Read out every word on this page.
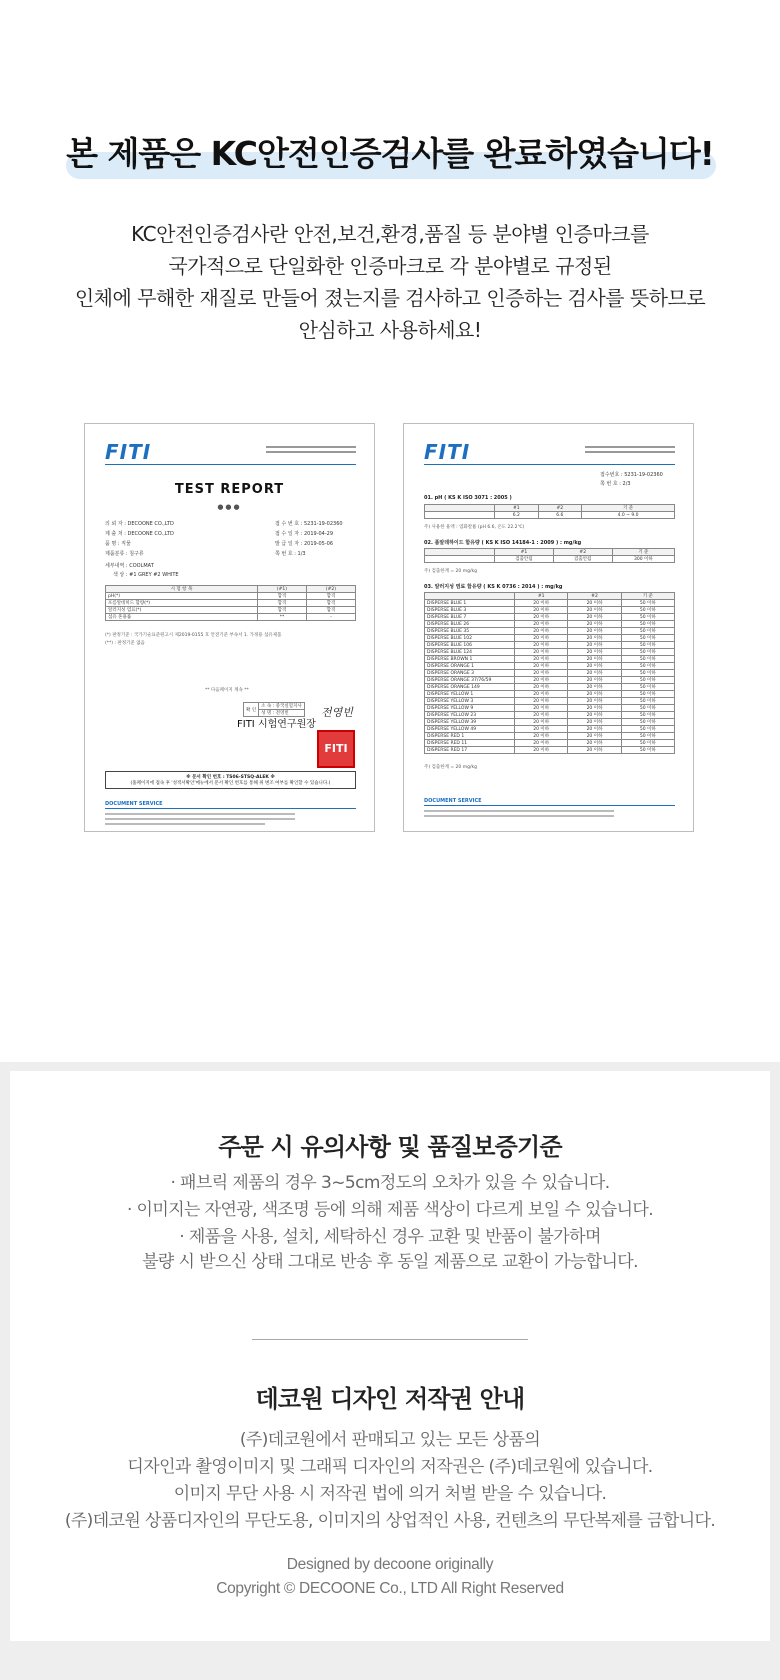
본 제품은 KC안전인증검사를 완료하였습니다!
KC안전인증검사란 안전,보건,환경,품질 등 분야별 인증마크를
국가적으로 단일화한 인증마크로 각 분야별로 규정된
인체에 무해한 재질로 만들어 졌는지를 검사하고 인증하는 검사를 뜻하므로
안심하고 사용하세요!
FITI
TEST REPORT
●●●
의 뢰 자 : DECOONE CO.,LTD
제 출 처 : DECOONE CO.,LTD
품 명 : 직물
제품분류 : 침구류
세부내역 : COOLMAT
색 상 : #1 GREY #2 WHITE
접 수 번 호 : 5231-19-02360
접 수 일 자 : 2019-04-29
발 급 일 자 : 2019-05-06
쪽 번 호 : 1/3
시 험 항 목	(#1)	(#2)
pH(*)	합격	합격
포름알데히드 함량(*)	합격	합격
알러지성 염료(*)	합격	합격
섬유 혼용률	**	-
(*) 판정기준 : 국가기술표준원고시 제2019-0155 호 안전기준 부속서 1. 가정용 섬유제품
(**) : 판정기준 없음
** 다음페이지 계속 **
확 인	소 속 : 중국실험지사
성 명 : 전영빈	전영빈
FITI 시험연구원장
FITI
※ 문서 확인 번호 : TS06-STSQ-ALEK ※
(홈페이지에 접속 후 '성적서확인'메뉴에서 문서 확인 번호를 통해 위 변조 여부를 확인할 수 있습니다.)
DOCUMENT SERVICE
FITI
접수번호 : 5231-19-02360
쪽 번 호 : 2/3
01. pH ( KS K ISO 3071 : 2005 )
	#1	#2	기 준
	6.2	6.6	4.0 ~ 9.0
주) 사용한 용액 : 염화칼륨 (pH 6.6, 온도 22.2℃)
02. 폼알데하이드 함유량 ( KS K ISO 14184-1 : 2009 ) : mg/kg
	#1	#2	기 준
	검출안됨	검출안됨	300 이하
주) 검출한계 = 20 mg/kg
03. 알러지성 염료 함유량 ( KS K 0736 : 2014 ) : mg/kg
	#1	#2	기 준
DISPERSE BLUE 1	20 이하	20 이하	50 이하
DISPERSE BLUE 3	20 이하	20 이하	50 이하
DISPERSE BLUE 7	20 이하	20 이하	50 이하
DISPERSE BLUE 26	20 이하	20 이하	50 이하
DISPERSE BLUE 35	20 이하	20 이하	50 이하
DISPERSE BLUE 102	20 이하	20 이하	50 이하
DISPERSE BLUE 106	20 이하	20 이하	50 이하
DISPERSE BLUE 124	20 이하	20 이하	50 이하
DISPERSE BROWN 1	20 이하	20 이하	50 이하
DISPERSE ORANGE 1	20 이하	20 이하	50 이하
DISPERSE ORANGE 3	20 이하	20 이하	50 이하
DISPERSE ORANGE 37/76/59	20 이하	20 이하	50 이하
DISPERSE ORANGE 149	20 이하	20 이하	50 이하
DISPERSE YELLOW 1	20 이하	20 이하	50 이하
DISPERSE YELLOW 3	20 이하	20 이하	50 이하
DISPERSE YELLOW 9	20 이하	20 이하	50 이하
DISPERSE YELLOW 23	20 이하	20 이하	50 이하
DISPERSE YELLOW 39	20 이하	20 이하	50 이하
DISPERSE YELLOW 49	20 이하	20 이하	50 이하
DISPERSE RED 1	20 이하	20 이하	50 이하
DISPERSE RED 11	20 이하	20 이하	50 이하
DISPERSE RED 17	20 이하	20 이하	50 이하
주) 검출한계 = 20 mg/kg
DOCUMENT SERVICE
주문 시 유의사항 및 품질보증기준
· 패브릭 제품의 경우 3~5cm정도의 오차가 있을 수 있습니다.
· 이미지는 자연광, 색조명 등에 의해 제품 색상이 다르게 보일 수 있습니다.
· 제품을 사용, 설치, 세탁하신 경우 교환 및 반품이 불가하며
불량 시 받으신 상태 그대로 반송 후 동일 제품으로 교환이 가능합니다.
데코원 디자인 저작권 안내
(주)데코원에서 판매되고 있는 모든 상품의
디자인과 촬영이미지 및 그래픽 디자인의 저작권은 (주)데코원에 있습니다.
이미지 무단 사용 시 저작권 법에 의거 처벌 받을 수 있습니다.
(주)데코원 상품디자인의 무단도용, 이미지의 상업적인 사용, 컨텐츠의 무단복제를 금합니다.
Designed by decoone originally
Copyright © DECOONE Co., LTD All Right Reserved
